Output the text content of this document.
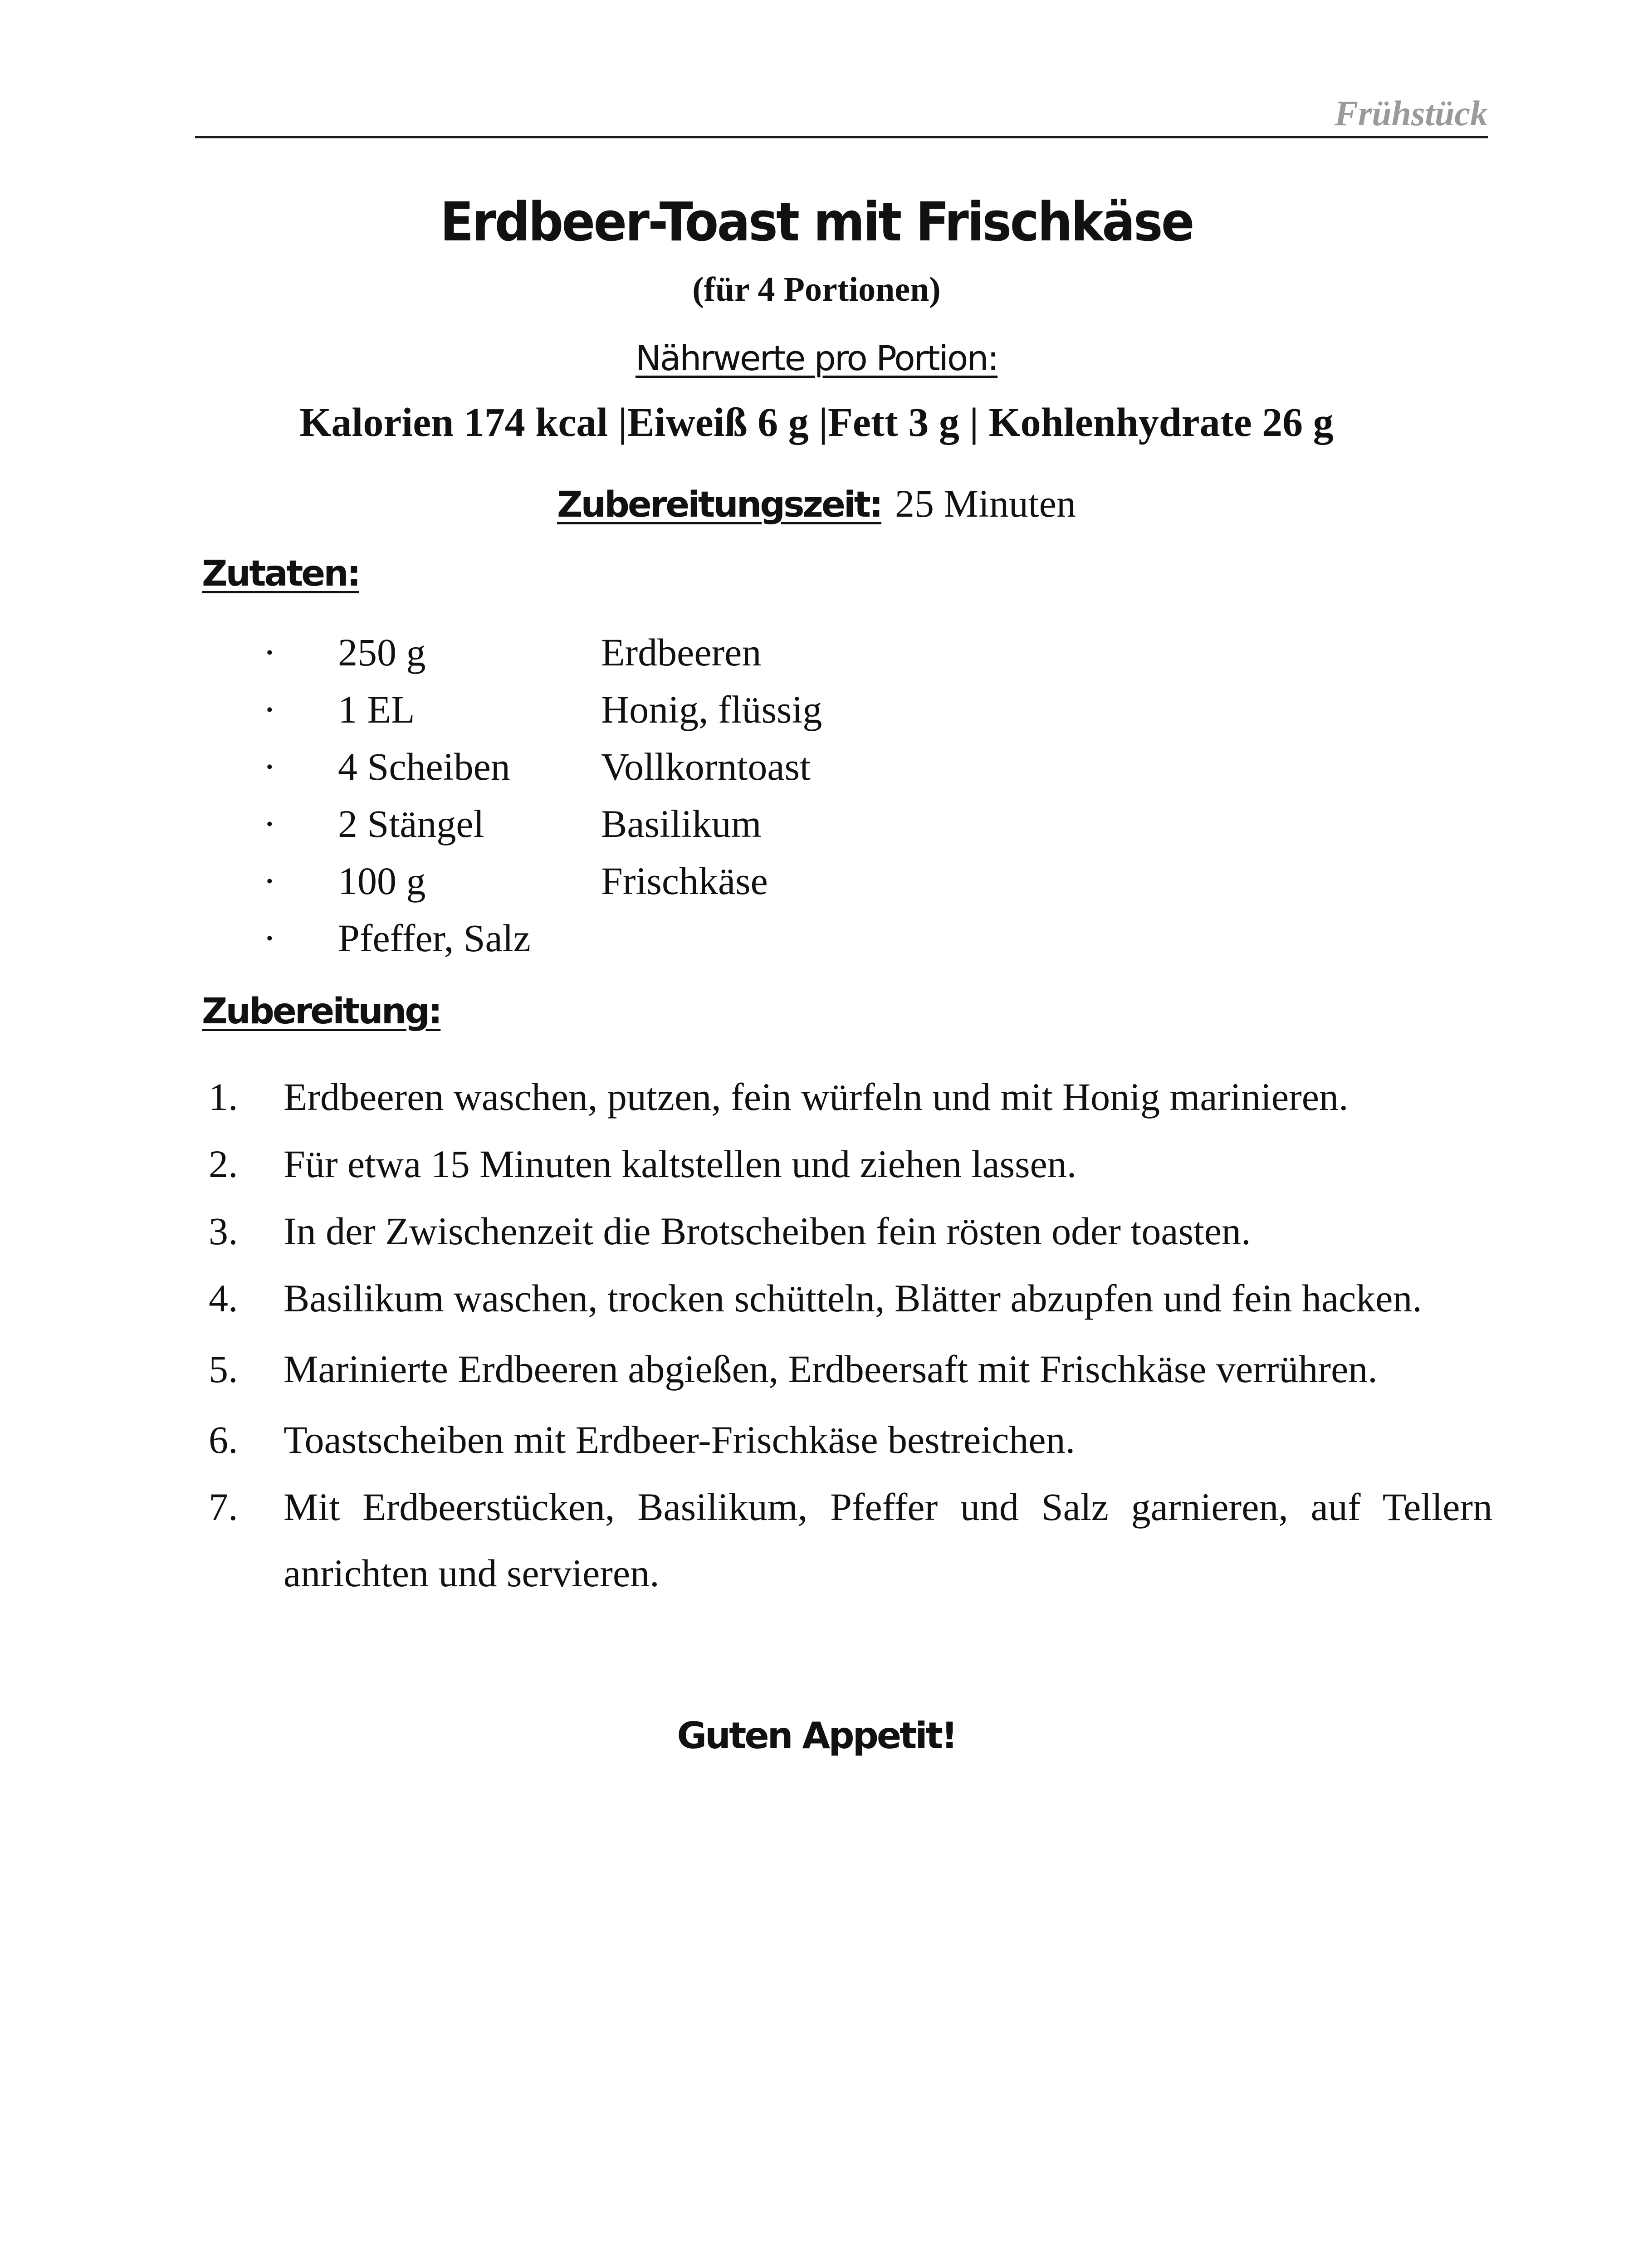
Frühstück
Erdbeer-Toast mit Frischkäse
(für 4 Portionen)
Nährwerte pro Portion:
Kalorien 174 kcal |Eiweiß 6 g |Fett 3 g | Kohlenhydrate 26 g
Zubereitungszeit: 25 Minuten
Zutaten:
· 250 g	Erdbeeren
· 1 EL	Honig, flüssig
· 4 Scheiben Vollkorntoast
· 2 Stängel	Basilikum
· 100 g	Frischkäse
· Pfeffer, Salz
Zubereitung:
1.	Erdbeeren waschen, putzen, fein würfeln und mit Honig marinieren.
2.	Für etwa 15 Minuten kaltstellen und ziehen lassen.
3.	In der Zwischenzeit die Brotscheiben fein rösten oder toasten.
4.	Basilikum waschen, trocken schütteln, Blätter abzupfen und fein hacken.
5.	Marinierte Erdbeeren abgießen, Erdbeersaft mit Frischkäse verrühren.
6.	Toastscheiben mit Erdbeer-Frischkäse bestreichen.
7.	Mit Erdbeerstücken, Basilikum, Pfeffer und Salz garnieren, auf Tellern anrichten und servieren.
Guten Appetit!
